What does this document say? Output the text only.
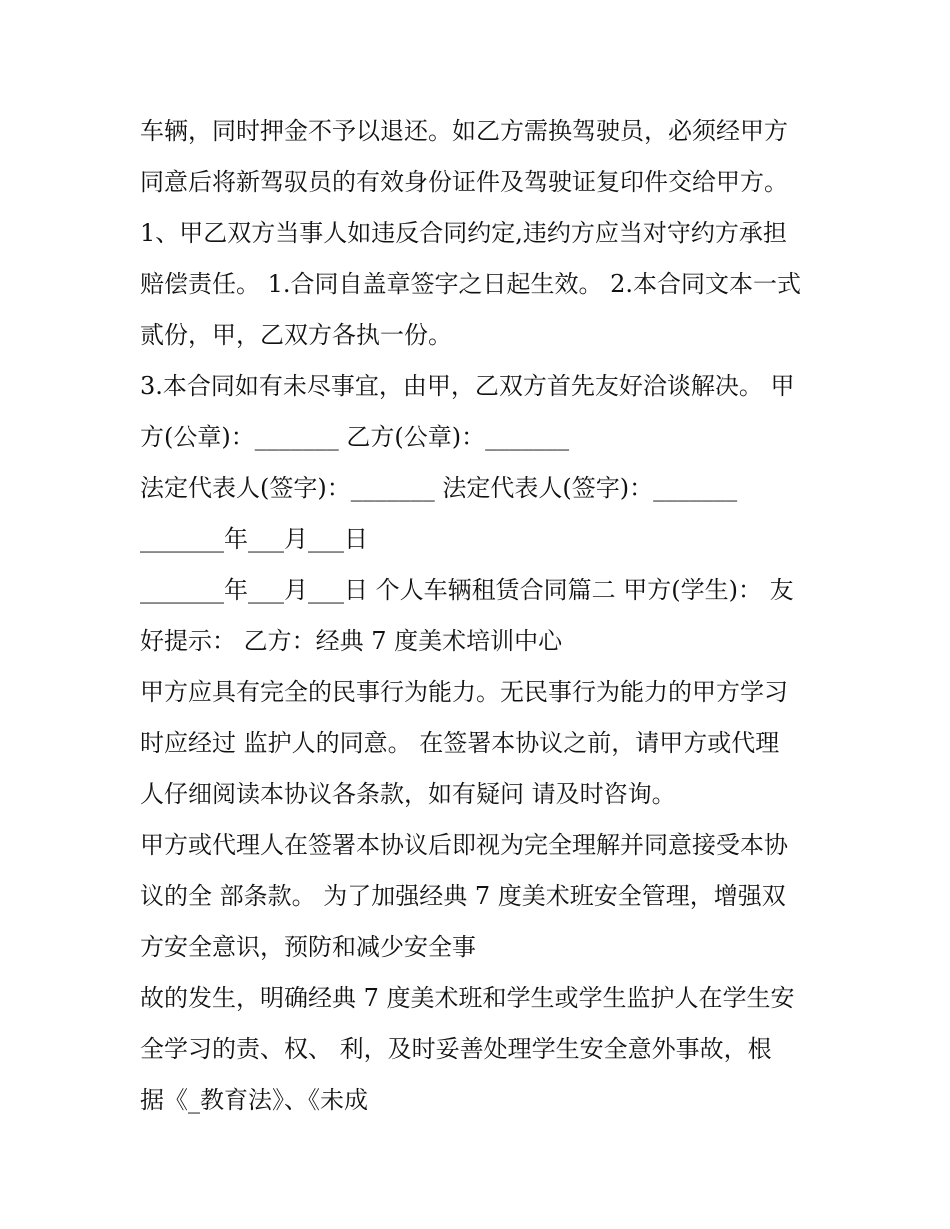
车辆，同时押金不予以退还。如乙方需换驾驶员，必须经甲方
同意后将新驾驭员的有效身份证件及驾驶证复印件交给甲方。
1、甲乙双方当事人如违反合同约定,违约方应当对守约方承担
赔偿责任。 1.合同自盖章签字之日起生效。 2.本合同文本一式
贰份，甲，乙双方各执一份。
3.本合同如有未尽事宜，由甲，乙双方首先友好洽谈解决。 甲
方(公章)：_______ 乙方(公章)：_______
法定代表人(签字)：_______ 法定代表人(签字)：_______
_______年___月___日
_______年___月___日 个人车辆租赁合同篇二 甲方(学生)： 友
好提示： 乙方：经典 7 度美术培训中心
甲方应具有完全的民事行为能力。无民事行为能力的甲方学习
时应经过 监护人的同意。 在签署本协议之前，请甲方或代理
人仔细阅读本协议各条款，如有疑问 请及时咨询。
甲方或代理人在签署本协议后即视为完全理解并同意接受本协
议的全 部条款。 为了加强经典 7 度美术班安全管理，增强双
方安全意识，预防和减少安全事
故的发生，明确经典 7 度美术班和学生或学生监护人在学生安
全学习的责、权、 利，及时妥善处理学生安全意外事故，根
据《_教育法》、《未成
